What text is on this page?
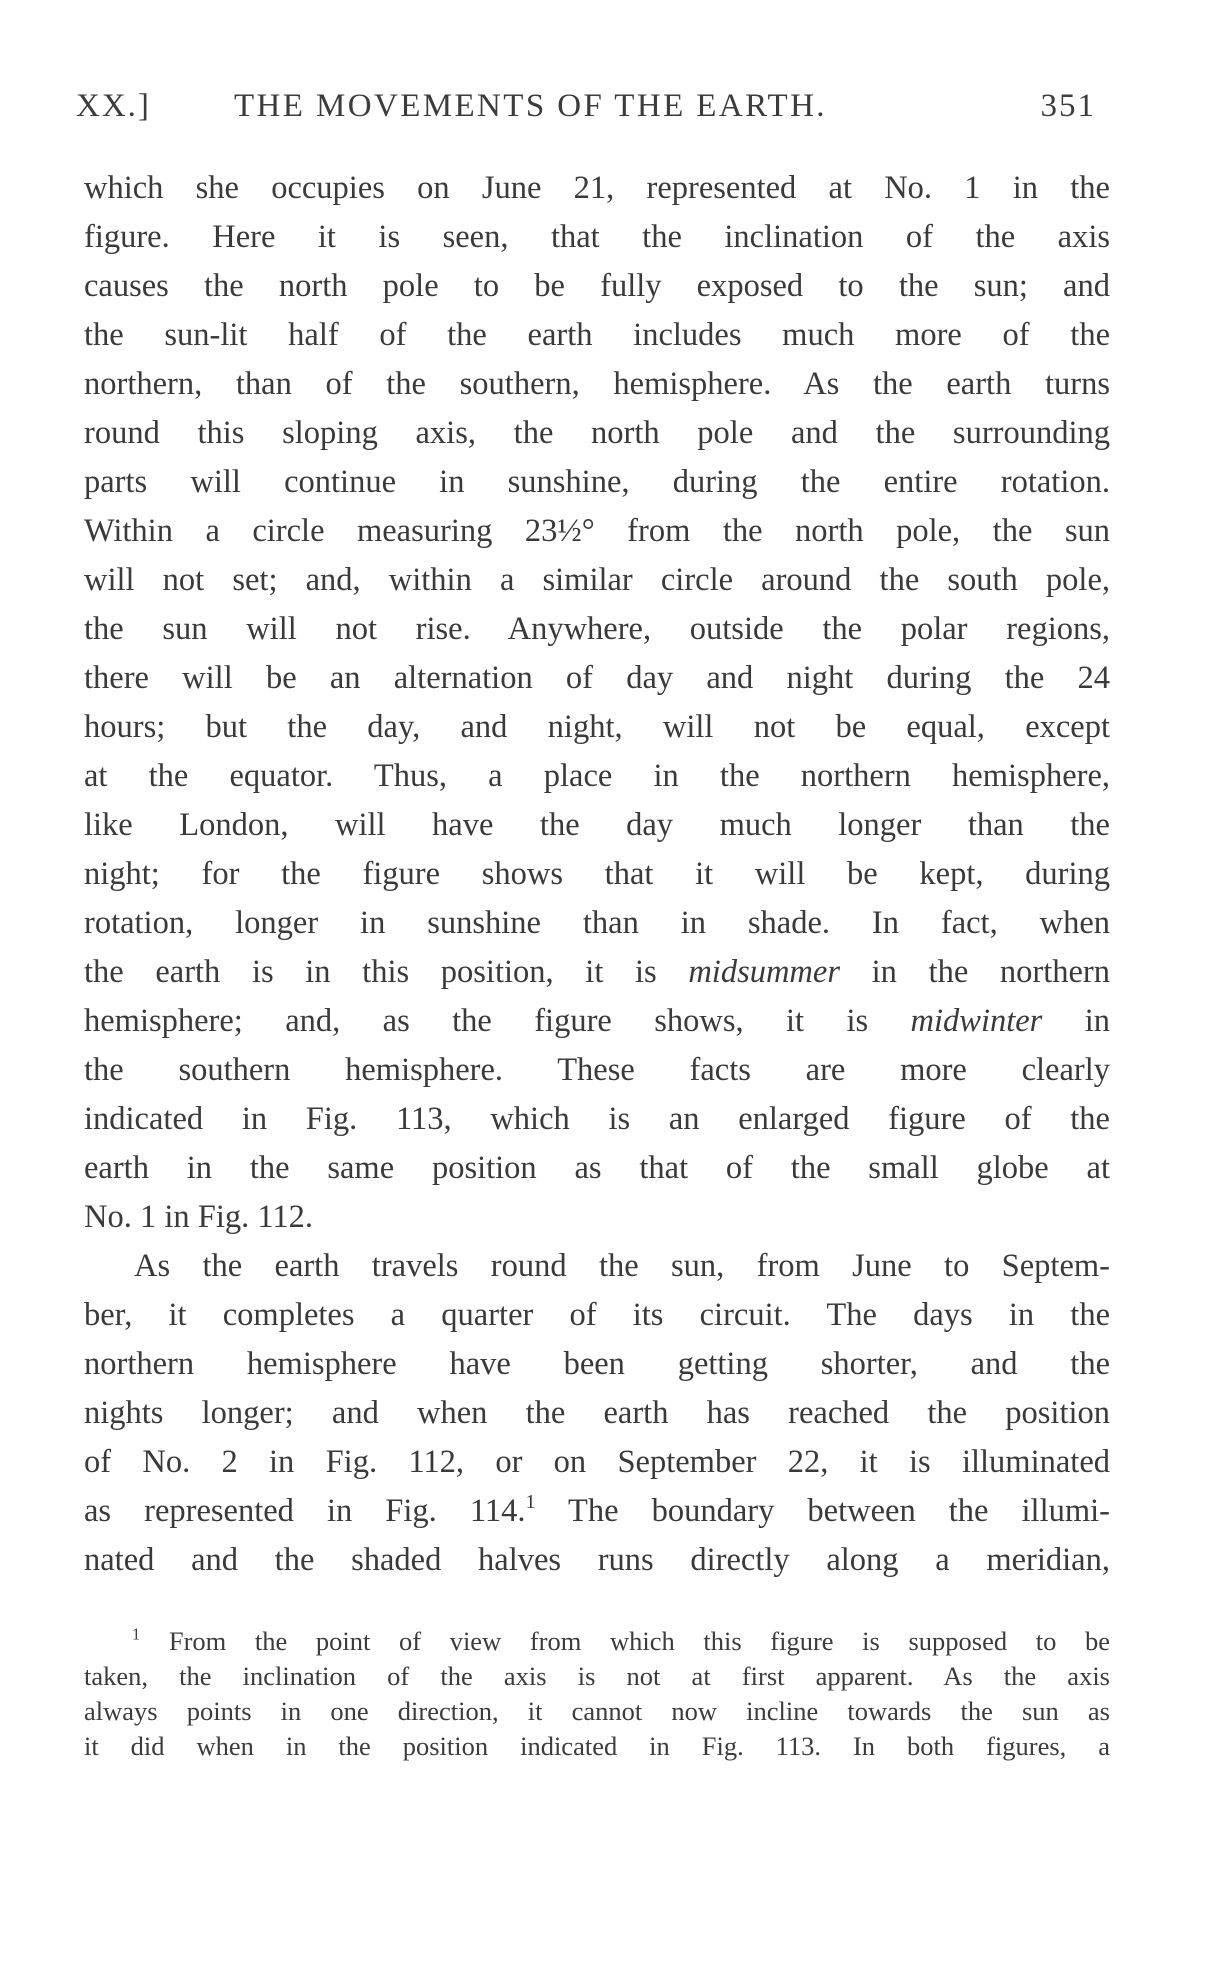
XX.]	THE MOVEMENTS OF THE EARTH.	351
which she occupies on June 21, represented at No. 1 in the
figure. Here it is seen, that the inclination of the axis
causes the north pole to be fully exposed to the sun; and
the sun-lit half of the earth includes much more of the
northern, than of the southern, hemisphere. As the earth turns
round this sloping axis, the north pole and the surrounding
parts will continue in sunshine, during the entire rotation.
Within a circle measuring 23½° from the north pole, the sun
will not set; and, within a similar circle around the south pole,
the sun will not rise. Anywhere, outside the polar regions,
there will be an alternation of day and night during the 24
hours; but the day, and night, will not be equal, except
at the equator. Thus, a place in the northern hemisphere,
like London, will have the day much longer than the
night; for the figure shows that it will be kept, during
rotation, longer in sunshine than in shade. In fact, when
the earth is in this position, it is midsummer in the northern
hemisphere; and, as the figure shows, it is midwinter in
the southern hemisphere. These facts are more clearly
indicated in Fig. 113, which is an enlarged figure of the
earth in the same position as that of the small globe at
No. 1 in Fig. 112.
As the earth travels round the sun, from June to Septem-
ber, it completes a quarter of its circuit. The days in the
northern hemisphere have been getting shorter, and the
nights longer; and when the earth has reached the position
of No. 2 in Fig. 112, or on September 22, it is illuminated
as represented in Fig. 114.$^1$ The boundary between the illumi-
nated and the shaded halves runs directly along a meridian,
$^1$ From the point of view from which this figure is supposed to be
taken, the inclination of the axis is not at first apparent. As the axis
always points in one direction, it cannot now incline towards the sun as
it did when in the position indicated in Fig. 113. In both figures, a
